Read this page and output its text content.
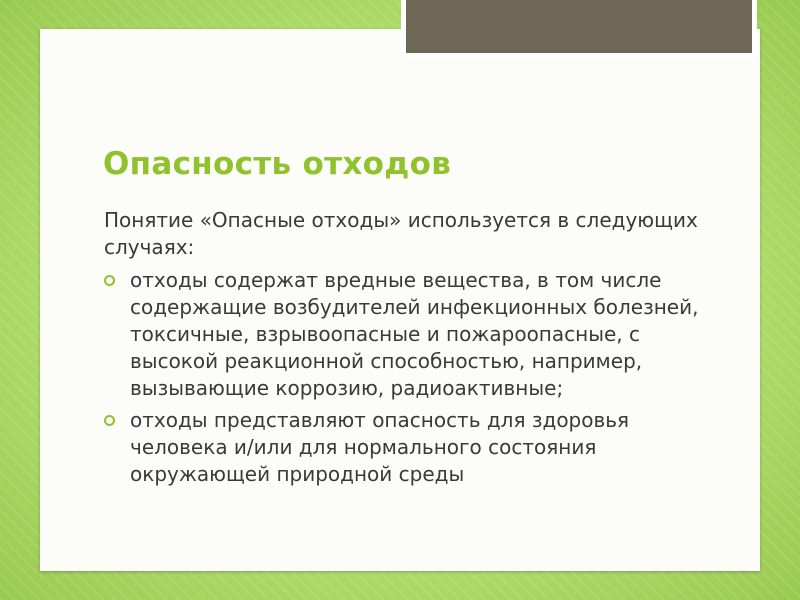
Опасность отходов

Понятие «Опасные отходы» используется в следующих случаях:

отходы содержат вредные вещества, в том числе содержащие возбудителей инфекционных болезней, токсичные, взрывоопасные и пожароопасные, с высокой реакционной способностью, например, вызывающие коррозию, радиоактивные;
отходы представляют опасность для здоровья человека и/или для нормального состояния окружающей природной среды
